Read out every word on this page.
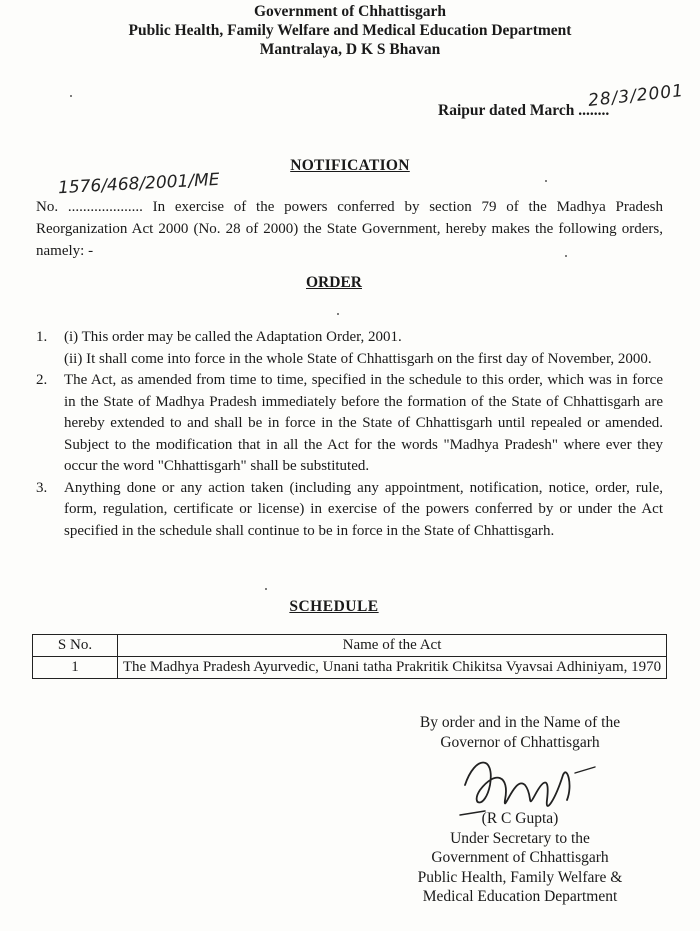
Government of Chhattisgarh
Public Health, Family Welfare and Medical Education Department
Mantralaya, D K S Bhavan
Raipur dated March ........
28/3/2001
NOTIFICATION
1576/468/2001/ME
No. .................... In exercise of the powers conferred by section 79 of the Madhya Pradesh Reorganization Act 2000 (No. 28 of 2000) the State Government, hereby makes the following orders, namely: -
ORDER
1. (i) This order may be called the Adaptation Order, 2001.
(ii) It shall come into force in the whole State of Chhattisgarh on the first day of November, 2000.
2. The Act, as amended from time to time, specified in the schedule to this order, which was in force in the State of Madhya Pradesh immediately before the formation of the State of Chhattisgarh are hereby extended to and shall be in force in the State of Chhattisgarh until repealed or amended. Subject to the modification that in all the Act for the words "Madhya Pradesh" where ever they occur the word "Chhattisgarh" shall be substituted.
3. Anything done or any action taken (including any appointment, notification, notice, order, rule, form, regulation, certificate or license) in exercise of the powers conferred by or under the Act specified in the schedule shall continue to be in force in the State of Chhattisgarh.
SCHEDULE
S No.	Name of the Act
1	The Madhya Pradesh Ayurvedic, Unani tatha Prakritik Chikitsa Vyavsai Adhiniyam, 1970
By order and in the Name of the
Governor of Chhattisgarh
(R C Gupta)
Under Secretary to the
Government of Chhattisgarh
Public Health, Family Welfare &
Medical Education Department
